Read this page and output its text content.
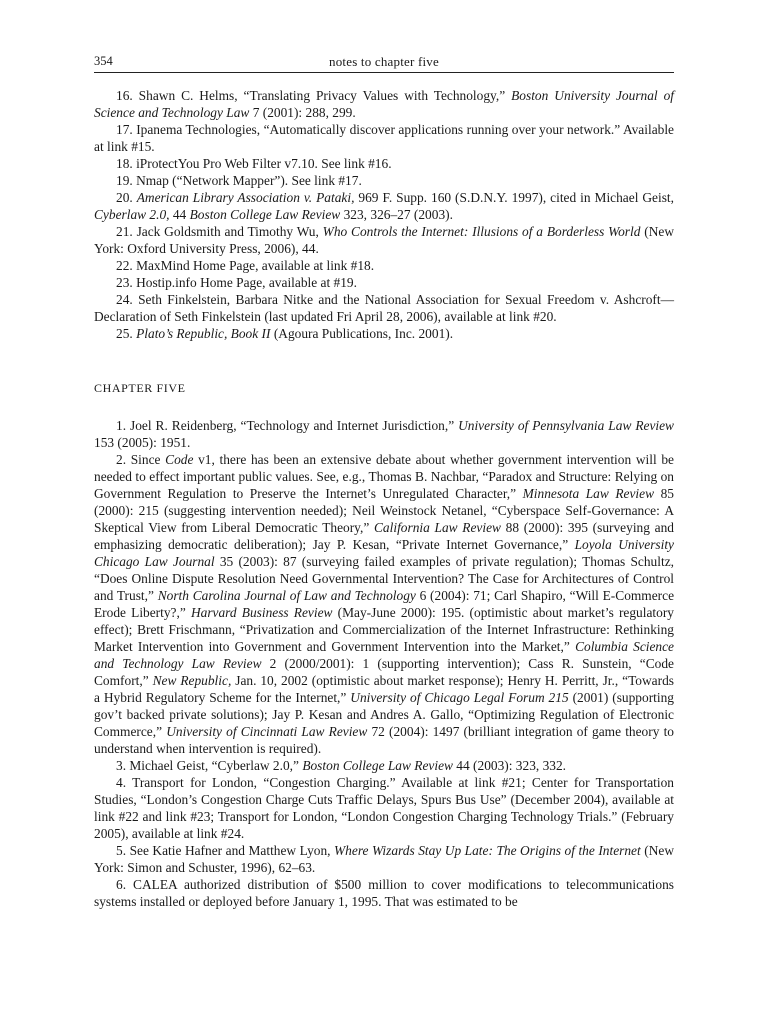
354	notes to chapter five

16. Shawn C. Helms, “Translating Privacy Values with Technology,” Boston University Journal of Science and Technology Law 7 (2001): 288, 299.

17. Ipanema Technologies, “Automatically discover applications running over your network.” Available at link #15.

18. iProtectYou Pro Web Filter v7.10. See link #16.

19. Nmap (“Network Mapper”). See link #17.

20. American Library Association v. Pataki, 969 F. Supp. 160 (S.D.N.Y. 1997), cited in Michael Geist, Cyberlaw 2.0, 44 Boston College Law Review 323, 326–27 (2003).

21. Jack Goldsmith and Timothy Wu, Who Controls the Internet: Illusions of a Borderless World (New York: Oxford University Press, 2006), 44.

22. MaxMind Home Page, available at link #18.

23. Hostip.info Home Page, available at #19.

24. Seth Finkelstein, Barbara Nitke and the National Association for Sexual Freedom v. Ashcroft—Declaration of Seth Finkelstein (last updated Fri April 28, 2006), available at link #20.

25. Plato’s Republic, Book II (Agoura Publications, Inc. 2001).

CHAPTER FIVE

1. Joel R. Reidenberg, “Technology and Internet Jurisdiction,” University of Pennsylvania Law Review 153 (2005): 1951.

2. Since Code v1, there has been an extensive debate about whether government intervention will be needed to effect important public values. See, e.g., Thomas B. Nachbar, “Paradox and Structure: Relying on Government Regulation to Preserve the Internet’s Unregulated Character,” Minnesota Law Review 85 (2000): 215 (suggesting intervention needed); Neil Weinstock Netanel, “Cyberspace Self-Governance: A Skeptical View from Liberal Democratic Theory,” California Law Review 88 (2000): 395 (surveying and emphasizing democratic deliberation); Jay P. Kesan, “Private Internet Governance,” Loyola University Chicago Law Journal 35 (2003): 87 (surveying failed examples of private regulation); Thomas Schultz, “Does Online Dispute Resolution Need Governmental Intervention? The Case for Architectures of Control and Trust,” North Carolina Journal of Law and Technology 6 (2004): 71; Carl Shapiro, “Will E-Commerce Erode Liberty?,” Harvard Business Review (May-June 2000): 195. (optimistic about market’s regulatory effect); Brett Frischmann, “Privatization and Commercialization of the Internet Infrastructure: Rethinking Market Intervention into Government and Government Intervention into the Market,” Columbia Science and Technology Law Review 2 (2000/2001): 1 (supporting intervention); Cass R. Sunstein, “Code Comfort,” New Republic, Jan. 10, 2002 (optimistic about market response); Henry H. Perritt, Jr., “Towards a Hybrid Regulatory Scheme for the Internet,” University of Chicago Legal Forum 215 (2001) (supporting gov’t backed private solutions); Jay P. Kesan and Andres A. Gallo, “Optimizing Regulation of Electronic Commerce,” University of Cincinnati Law Review 72 (2004): 1497 (brilliant integration of game theory to understand when intervention is required).

3. Michael Geist, “Cyberlaw 2.0,” Boston College Law Review 44 (2003): 323, 332.

4. Transport for London, “Congestion Charging.” Available at link #21; Center for Transportation Studies, “London’s Congestion Charge Cuts Traffic Delays, Spurs Bus Use” (December 2004), available at link #22 and link #23; Transport for London, “London Congestion Charging Technology Trials.” (February 2005), available at link #24.

5. See Katie Hafner and Matthew Lyon, Where Wizards Stay Up Late: The Origins of the Internet (New York: Simon and Schuster, 1996), 62–63.

6. CALEA authorized distribution of $500 million to cover modifications to telecommunications systems installed or deployed before January 1, 1995. That was estimated to be
